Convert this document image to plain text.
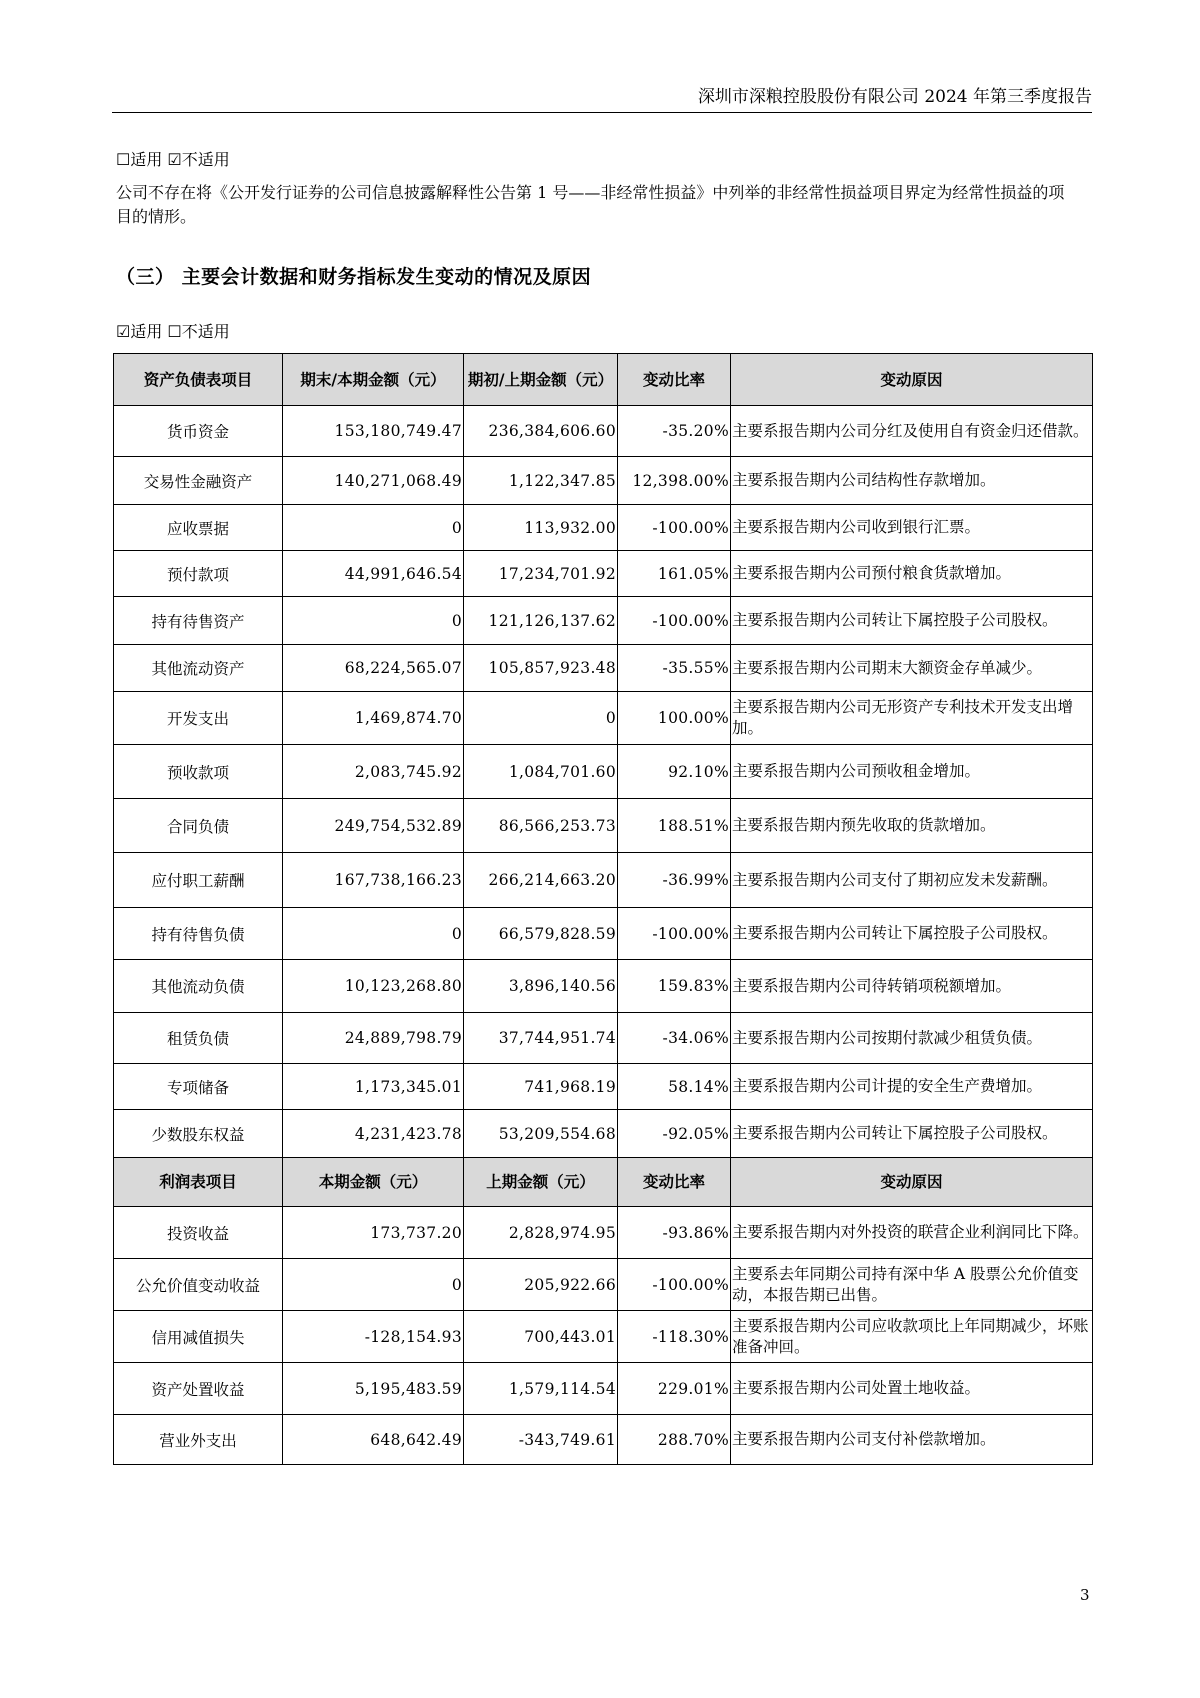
深圳市深粮控股股份有限公司 2024 年第三季度报告
☐适用 ☑不适用
公司不存在将《公开发行证券的公司信息披露解释性公告第 1 号——非经常性损益》中列举的非经常性损益项目界定为经常性损益的项目的情形。
（三） 主要会计数据和财务指标发生变动的情况及原因
☑适用 ☐不适用
资产负债表项目	期末/本期金额（元）	期初/上期金额（元）	变动比率	变动原因
货币资金	153,180,749.47	236,384,606.60	-35.20%	主要系报告期内公司分红及使用自有资金归还借款。
交易性金融资产	140,271,068.49	1,122,347.85	12,398.00%	主要系报告期内公司结构性存款增加。
应收票据	0	113,932.00	-100.00%	主要系报告期内公司收到银行汇票。
预付款项	44,991,646.54	17,234,701.92	161.05%	主要系报告期内公司预付粮食货款增加。
持有待售资产	0	121,126,137.62	-100.00%	主要系报告期内公司转让下属控股子公司股权。
其他流动资产	68,224,565.07	105,857,923.48	-35.55%	主要系报告期内公司期末大额资金存单减少。
开发支出	1,469,874.70	0	100.00%	主要系报告期内公司无形资产专利技术开发支出增加。
预收款项	2,083,745.92	1,084,701.60	92.10%	主要系报告期内公司预收租金增加。
合同负债	249,754,532.89	86,566,253.73	188.51%	主要系报告期内预先收取的货款增加。
应付职工薪酬	167,738,166.23	266,214,663.20	-36.99%	主要系报告期内公司支付了期初应发未发薪酬。
持有待售负债	0	66,579,828.59	-100.00%	主要系报告期内公司转让下属控股子公司股权。
其他流动负债	10,123,268.80	3,896,140.56	159.83%	主要系报告期内公司待转销项税额增加。
租赁负债	24,889,798.79	37,744,951.74	-34.06%	主要系报告期内公司按期付款减少租赁负债。
专项储备	1,173,345.01	741,968.19	58.14%	主要系报告期内公司计提的安全生产费增加。
少数股东权益	4,231,423.78	53,209,554.68	-92.05%	主要系报告期内公司转让下属控股子公司股权。
利润表项目	本期金额（元）	上期金额（元）	变动比率	变动原因
投资收益	173,737.20	2,828,974.95	-93.86%	主要系报告期内对外投资的联营企业利润同比下降。
公允价值变动收益	0	205,922.66	-100.00%	主要系去年同期公司持有深中华 A 股票公允价值变动，本报告期已出售。
信用减值损失	-128,154.93	700,443.01	-118.30%	主要系报告期内公司应收款项比上年同期减少，坏账准备冲回。
资产处置收益	5,195,483.59	1,579,114.54	229.01%	主要系报告期内公司处置土地收益。
营业外支出	648,642.49	-343,749.61	288.70%	主要系报告期内公司支付补偿款增加。
3
